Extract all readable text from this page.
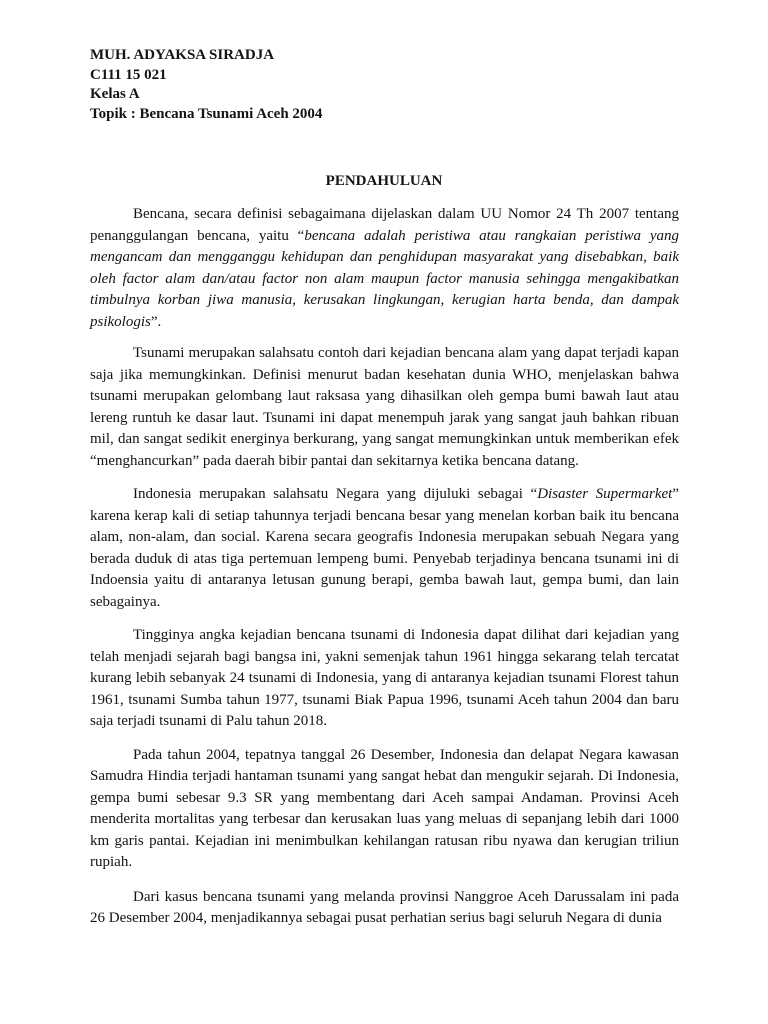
MUH. ADYAKSA SIRADJA
C111 15 021
Kelas A
Topik : Bencana Tsunami Aceh 2004
PENDAHULUAN

Bencana, secara definisi sebagaimana dijelaskan dalam UU Nomor 24 Th 2007 tentang penanggulangan bencana, yaitu “bencana adalah peristiwa atau rangkaian peristiwa yang mengancam dan mengganggu kehidupan dan penghidupan masyarakat yang disebabkan, baik oleh factor alam dan/atau factor non alam maupun factor manusia sehingga mengakibatkan timbulnya korban jiwa manusia, kerusakan lingkungan, kerugian harta benda, dan dampak psikologis”.

Tsunami merupakan salahsatu contoh dari kejadian bencana alam yang dapat terjadi kapan saja jika memungkinkan. Definisi menurut badan kesehatan dunia WHO, menjelaskan bahwa tsunami merupakan gelombang laut raksasa yang dihasilkan oleh gempa bumi bawah laut atau lereng runtuh ke dasar laut. Tsunami ini dapat menempuh jarak yang sangat jauh bahkan ribuan mil, dan sangat sedikit energinya berkurang, yang sangat memungkinkan untuk memberikan efek “menghancurkan” pada daerah bibir pantai dan sekitarnya ketika bencana datang.

Indonesia merupakan salahsatu Negara yang dijuluki sebagai “Disaster Supermarket” karena kerap kali di setiap tahunnya terjadi bencana besar yang menelan korban baik itu bencana alam, non-alam, dan social. Karena secara geografis Indonesia merupakan sebuah Negara yang berada duduk di atas tiga pertemuan lempeng bumi. Penyebab terjadinya bencana tsunami ini di Indoensia yaitu di antaranya letusan gunung berapi, gemba bawah laut, gempa bumi, dan lain sebagainya.

Tingginya angka kejadian bencana tsunami di Indonesia dapat dilihat dari kejadian yang telah menjadi sejarah bagi bangsa ini, yakni semenjak tahun 1961 hingga sekarang telah tercatat kurang lebih sebanyak 24 tsunami di Indonesia, yang di antaranya kejadian tsunami Florest tahun 1961, tsunami Sumba tahun 1977, tsunami Biak Papua 1996, tsunami Aceh tahun 2004 dan baru saja terjadi tsunami di Palu tahun 2018.

Pada tahun 2004, tepatnya tanggal 26 Desember, Indonesia dan delapat Negara kawasan Samudra Hindia terjadi hantaman tsunami yang sangat hebat dan mengukir sejarah. Di Indonesia, gempa bumi sebesar 9.3 SR yang membentang dari Aceh sampai Andaman. Provinsi Aceh menderita mortalitas yang terbesar dan kerusakan luas yang meluas di sepanjang lebih dari 1000 km garis pantai. Kejadian ini menimbulkan kehilangan ratusan ribu nyawa dan kerugian triliun rupiah.

Dari kasus bencana tsunami yang melanda provinsi Nanggroe Aceh Darussalam ini pada 26 Desember 2004, menjadikannya sebagai pusat perhatian serius bagi seluruh Negara di dunia
